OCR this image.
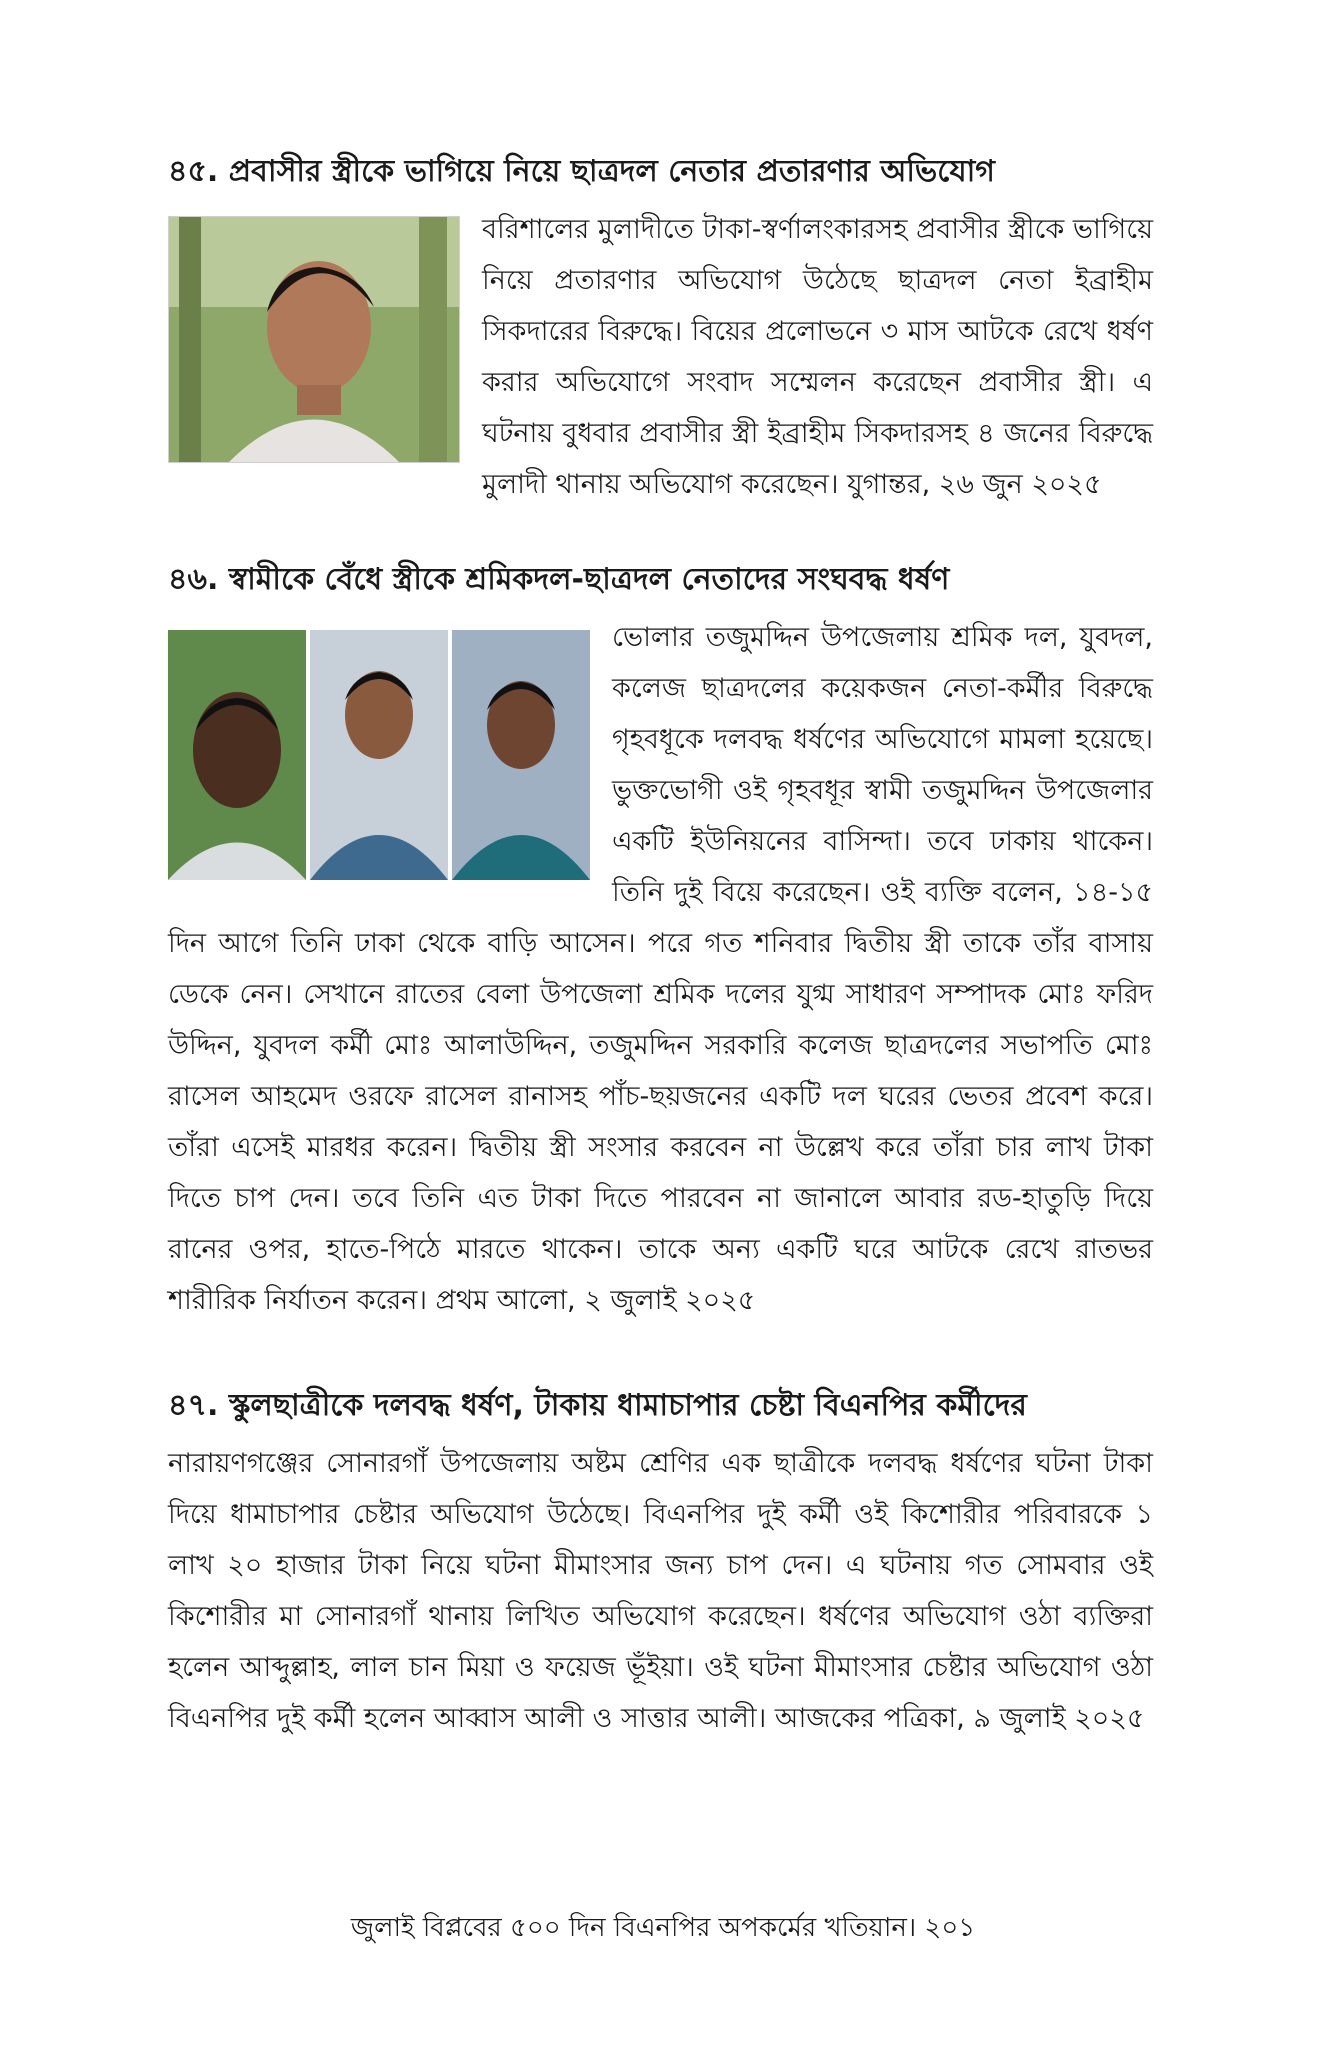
৪৫. প্রবাসীর স্ত্রীকে ভাগিয়ে নিয়ে ছাত্রদল নেতার প্রতারণার অভিযোগ

বরিশালের মুলাদীতে টাকা-স্বর্ণালংকারসহ প্রবাসীর স্ত্রীকে ভাগিয়ে নিয়ে প্রতারণার অভিযোগ উঠেছে ছাত্রদল নেতা ইব্রাহীম সিকদারের বিরুদ্ধে। বিয়ের প্রলোভনে ৩ মাস আটকে রেখে ধর্ষণ করার অভিযোগে সংবাদ সম্মেলন করেছেন প্রবাসীর স্ত্রী। এ ঘটনায় বুধবার প্রবাসীর স্ত্রী ইব্রাহীম সিকদারসহ ৪ জনের বিরুদ্ধে মুলাদী থানায় অভিযোগ করেছেন। যুগান্তর, ২৬ জুন ২০২৫

৪৬. স্বামীকে বেঁধে স্ত্রীকে শ্রমিকদল-ছাত্রদল নেতাদের সংঘবদ্ধ ধর্ষণ

ভোলার তজুমদ্দিন উপজেলায় শ্রমিক দল, যুবদল, কলেজ ছাত্রদলের কয়েকজন নেতা-কর্মীর বিরুদ্ধে গৃহবধূকে দলবদ্ধ ধর্ষণের অভিযোগে মামলা হয়েছে। ভুক্তভোগী ওই গৃহবধূর স্বামী তজুমদ্দিন উপজেলার একটি ইউনিয়নের বাসিন্দা। তবে ঢাকায় থাকেন। তিনি দুই বিয়ে করেছেন। ওই ব্যক্তি বলেন, ১৪-১৫ দিন আগে তিনি ঢাকা থেকে বাড়ি আসেন। পরে গত শনিবার দ্বিতীয় স্ত্রী তাকে তাঁর বাসায় ডেকে নেন। সেখানে রাতের বেলা উপজেলা শ্রমিক দলের যুগ্ম সাধারণ সম্পাদক মোঃ ফরিদ উদ্দিন, যুবদল কর্মী মোঃ আলাউদ্দিন, তজুমদ্দিন সরকারি কলেজ ছাত্রদলের সভাপতি মোঃ রাসেল আহমেদ ওরফে রাসেল রানাসহ পাঁচ-ছয়জনের একটি দল ঘরের ভেতর প্রবেশ করে। তাঁরা এসেই মারধর করেন। দ্বিতীয় স্ত্রী সংসার করবেন না উল্লেখ করে তাঁরা চার লাখ টাকা দিতে চাপ দেন। তবে তিনি এত টাকা দিতে পারবেন না জানালে আবার রড-হাতুড়ি দিয়ে রানের ওপর, হাতে-পিঠে মারতে থাকেন। তাকে অন্য একটি ঘরে আটকে রেখে রাতভর শারীরিক নির্যাতন করেন। প্রথম আলো, ২ জুলাই ২০২৫

৪৭. স্কুলছাত্রীকে দলবদ্ধ ধর্ষণ, টাকায় ধামাচাপার চেষ্টা বিএনপির কর্মীদের

নারায়ণগঞ্জের সোনারগাঁ উপজেলায় অষ্টম শ্রেণির এক ছাত্রীকে দলবদ্ধ ধর্ষণের ঘটনা টাকা দিয়ে ধামাচাপার চেষ্টার অভিযোগ উঠেছে। বিএনপির দুই কর্মী ওই কিশোরীর পরিবারকে ১ লাখ ২০ হাজার টাকা নিয়ে ঘটনা মীমাংসার জন্য চাপ দেন। এ ঘটনায় গত সোমবার ওই কিশোরীর মা সোনারগাঁ থানায় লিখিত অভিযোগ করেছেন। ধর্ষণের অভিযোগ ওঠা ব্যক্তিরা হলেন আব্দুল্লাহ, লাল চান মিয়া ও ফয়েজ ভূঁইয়া। ওই ঘটনা মীমাংসার চেষ্টার অভিযোগ ওঠা বিএনপির দুই কর্মী হলেন আব্বাস আলী ও সাত্তার আলী। আজকের পত্রিকা, ৯ জুলাই ২০২৫

জুলাই বিপ্লবের ৫০০ দিন বিএনপির অপকর্মের খতিয়ান। ২০১
